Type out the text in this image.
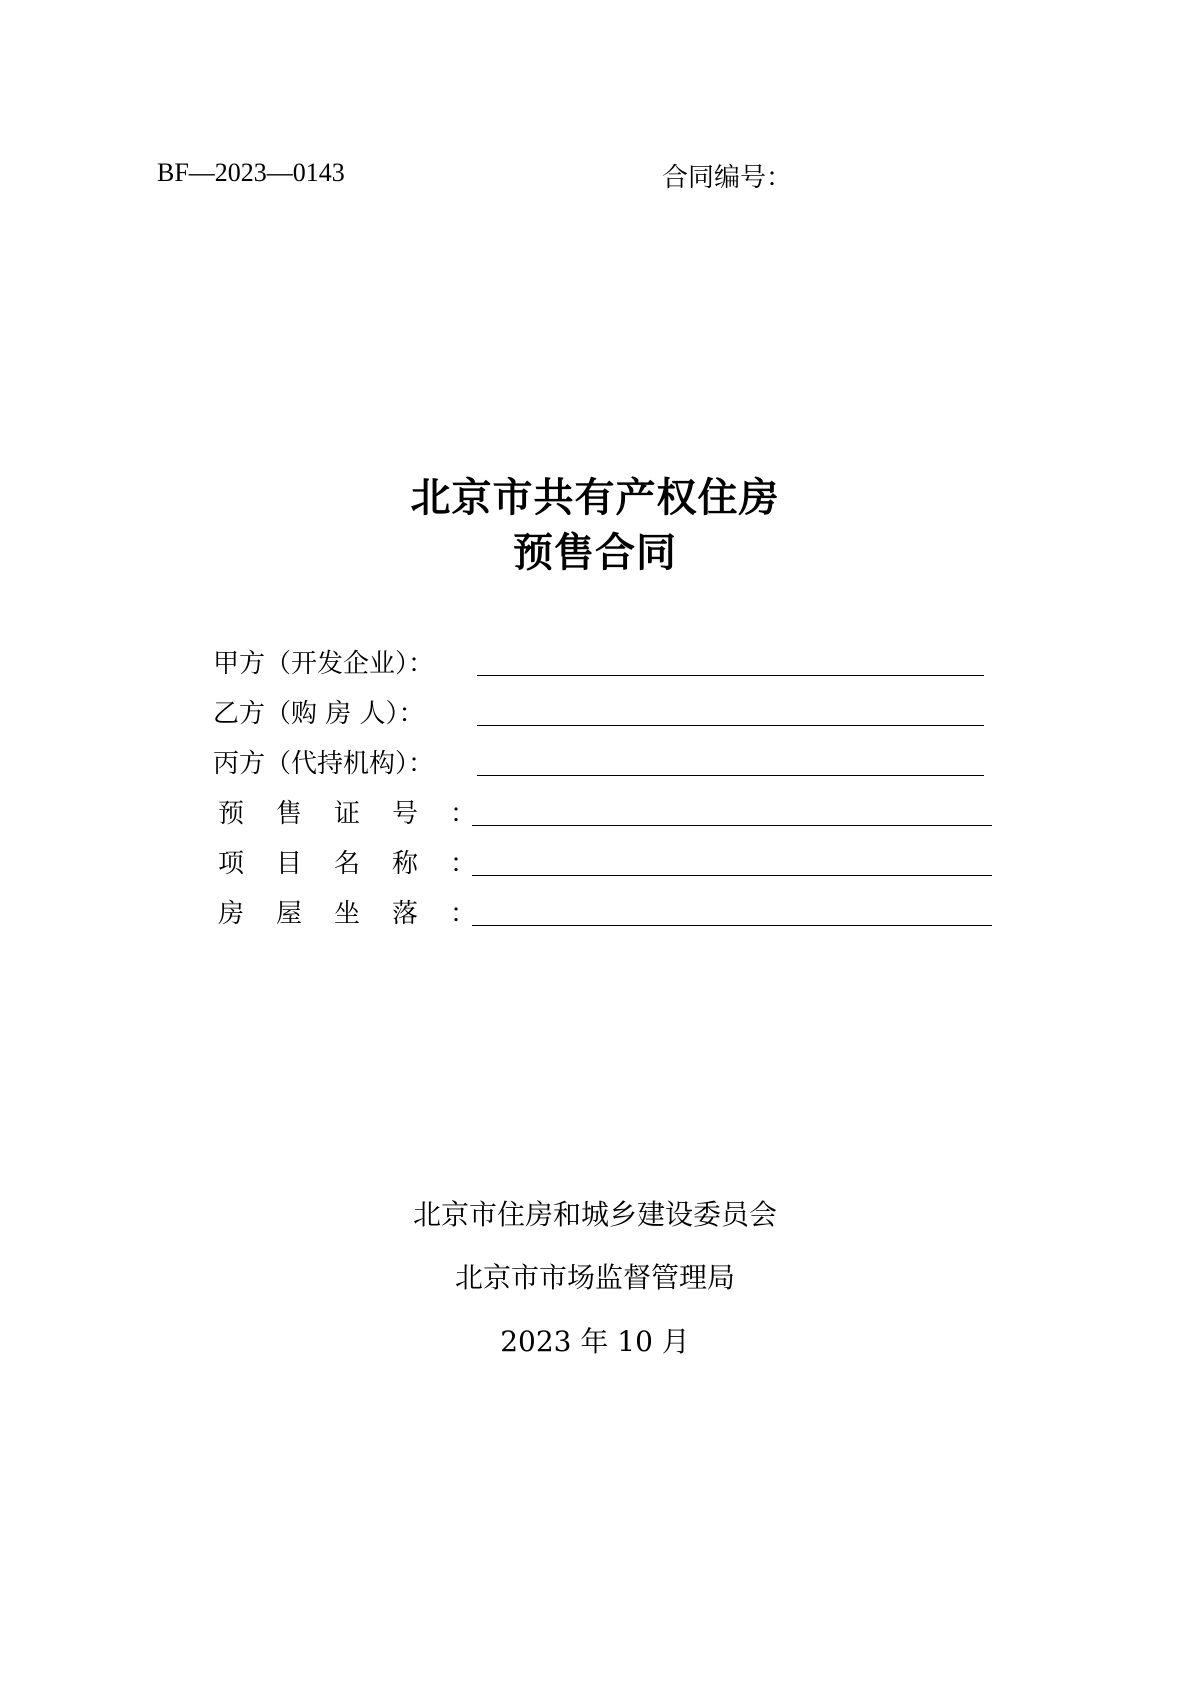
BF—2023—0143	合同编号：
北京市共有产权住房
预售合同
甲方（开发企业）：
乙方（购 房 人）：
丙方（代持机构）：
预售证号：
项目名称：
房屋坐落：
北京市住房和城乡建设委员会
北京市市场监督管理局
2023 年 10 月
